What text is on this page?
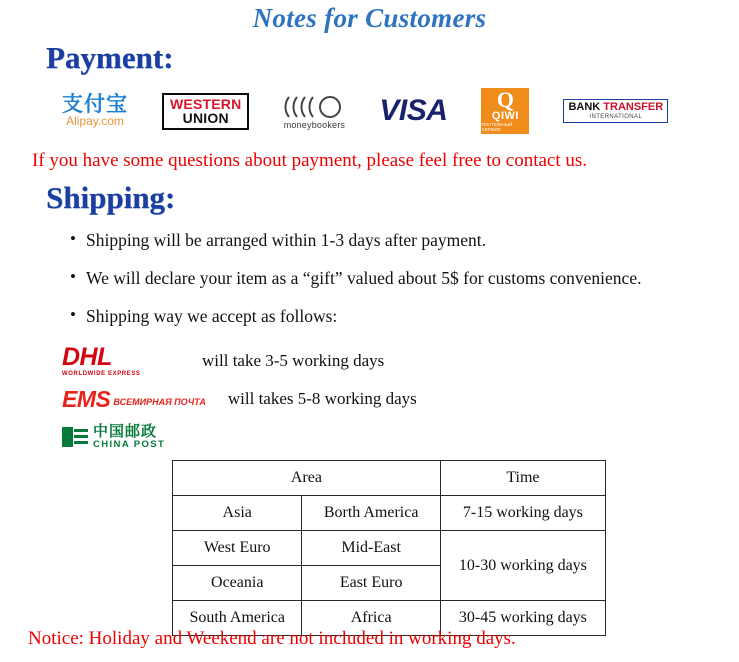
Notes for Customers
Payment:
支付宝
Alipay.com
WESTERN
UNION	moneybookers VISA Q
QIWI
ПЛАТЕЖНЫЙ СЕРВИС
BANK TRANSFER
INTERNATIONAL
If you have some questions about payment, please feel free to contact us.
Shipping:
• Shipping will be arranged within 1-3 days after payment.
• We will declare your item as a “gift” valued about 5$ for customs convenience.
• Shipping way we accept as follows:
DHL
WORLDWIDE EXPRESS
will take 3-5 working days
EMS ВСЕМИРНАЯ ПОЧТА will takes 5-8 working days
中国邮政
CHINA POST
Area		Time
Asia	Borth America	7-15 working days
West Euro	Mid-East	10-30 working days
Oceania	East Euro	
South America	Africa	30-45 working days
Notice: Holiday and Weekend are not included in working days.
